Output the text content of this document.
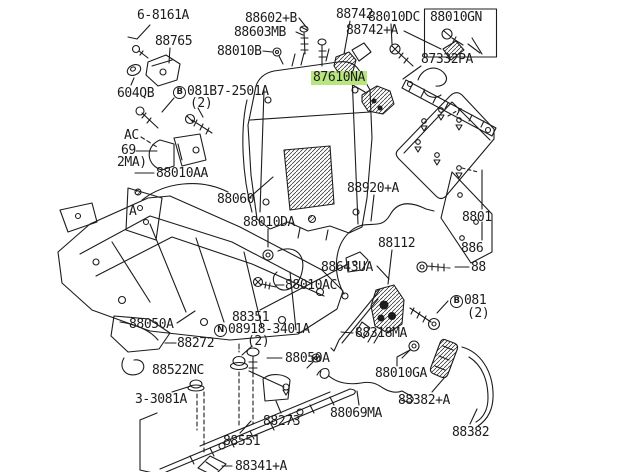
6-8161A
88765
88602+B
88603MB
88010B
88742
88010DC
88742+A
88010GN
87332PA
87610NA
604QB	B 081B7-2501A
(2)
AC
69
2MA)
88010AA
A
88060
88010DA
88920+A
88112
88643UA
88010AC
8801
886
88
B 081
(2)
88050A	88351
N 08918-3401A
(2)
88272
88522NC
88050A
3-3081A
88273
88069MA
88010GA
88318MA
88382+A
88382
88551
88341+A
